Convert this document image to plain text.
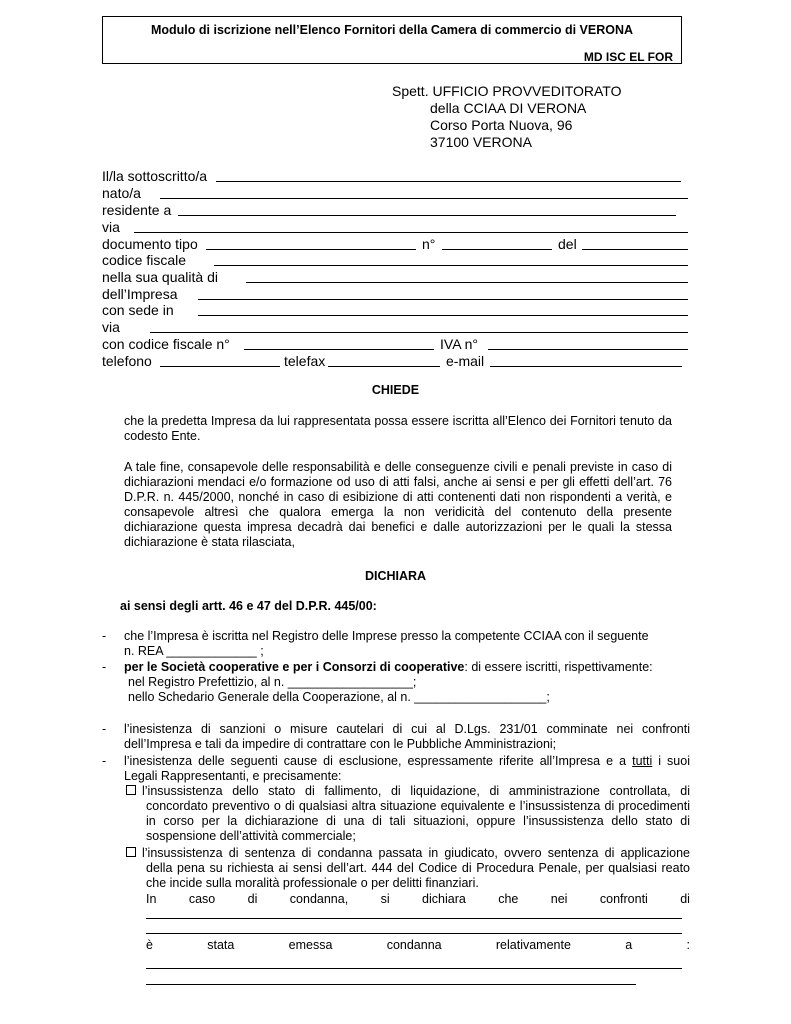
Modulo di iscrizione nell’Elenco Fornitori della Camera di commercio di VERONA
MD ISC EL FOR
Spett. UFFICIO PROVVEDITORATO
della CCIAA DI VERONA
Corso Porta Nuova, 96
37100 VERONA
Il/la sottoscritto/a
nato/a
residente a
via
documento tipo	n°	del
codice fiscale
nella sua qualità di
dell’Impresa
con sede in
via
con codice fiscale n°	IVA n°
telefono	telefax	e-mail
CHIEDE
che la predetta Impresa da lui rappresentata possa essere iscritta all’Elenco dei Fornitori tenuto da codesto Ente.
A tale fine, consapevole delle responsabilità e delle conseguenze civili e penali previste in caso di dichiarazioni mendaci e/o formazione od uso di atti falsi, anche ai sensi e per gli effetti dell’art. 76 D.P.R. n. 445/2000, nonché in caso di esibizione di atti contenenti dati non rispondenti a verità, e consapevole altresì che qualora emerga la non veridicità del contenuto della presente dichiarazione questa impresa decadrà dai benefici e dalle autorizzazioni per le quali la stessa dichiarazione è stata rilasciata,
DICHIARA
ai sensi degli artt. 46 e 47 del D.P.R. 445/00:
- che l’Impresa è iscritta nel Registro delle Imprese presso la competente CCIAA con il seguente
n. REA _____________ ;
- per le Società cooperative e per i Consorzi di cooperative: di essere iscritti, rispettivamente:
nel Registro Prefettizio, al n. __________________;
nello Schedario Generale della Cooperazione, al n. ___________________;
- l’inesistenza di sanzioni o misure cautelari di cui al D.Lgs. 231/01 comminate nei confronti dell’Impresa e tali da impedire di contrattare con le Pubbliche Amministrazioni;
- l’inesistenza delle seguenti cause di esclusione, espressamente riferite all’Impresa e a tutti i suoi Legali Rappresentanti, e precisamente:
l’insussistenza dello stato di fallimento, di liquidazione, di amministrazione controllata, di concordato preventivo o di qualsiasi altra situazione equivalente e l’insussistenza di procedimenti in corso per la dichiarazione di una di tali situazioni, oppure l’insussistenza dello stato di sospensione dell’attività commerciale;
l’insussistenza di sentenza di condanna passata in giudicato, ovvero sentenza di applicazione della pena su richiesta ai sensi dell’art. 444 del Codice di Procedura Penale, per qualsiasi reato che incide sulla moralità professionale o per delitti finanziari.
In	caso	di	condanna,	si	dichiara	che	nei	confronti	di
è	stata	emessa	condanna	relativamente	a	:
